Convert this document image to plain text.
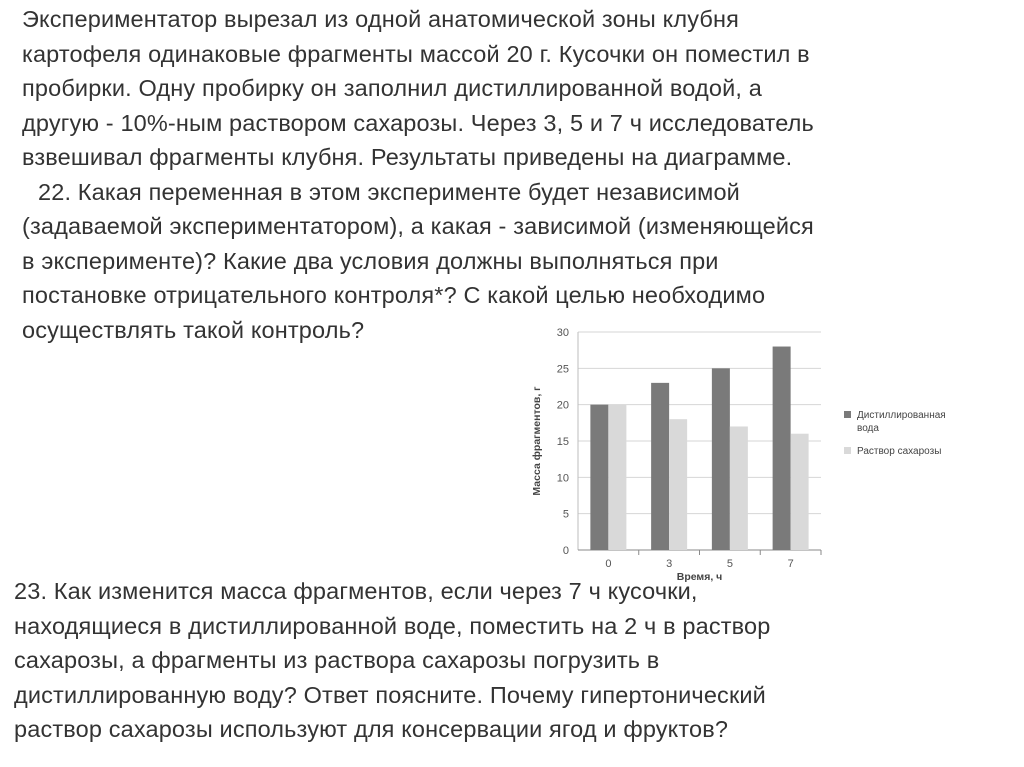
Экспериментатор вырезал из одной анатомической зоны клубня
картофеля одинаковые фрагменты массой 20 г. Кусочки он поместил в
пробирки. Одну пробирку он заполнил дистиллированной водой, а
другую - 10%-ным раствором сахарозы. Через 3, 5 и 7 ч исследователь
взвешивал фрагменты клубня. Результаты приведены на диаграмме.
22. Какая переменная в этом эксперименте будет независимой
(задаваемой экспериментатором), а какая - зависимой (изменяющейся
в эксперименте)? Какие два условия должны выполняться при
постановке отрицательного контроля*? С какой целью необходимо
осуществлять такой контроль?
0
5
10
15
20
25
30
0	3	5	7
Время, ч
Масса фрагментов, г	Дистиллированная
вода
Раствор сахарозы
23. Как изменится масса фрагментов, если через 7 ч кусочки,
находящиеся в дистиллированной воде, поместить на 2 ч в раствор
сахарозы, а фрагменты из раствора сахарозы погрузить в
дистиллированную воду? Ответ поясните. Почему гипертонический
раствор сахарозы используют для консервации ягод и фруктов?
